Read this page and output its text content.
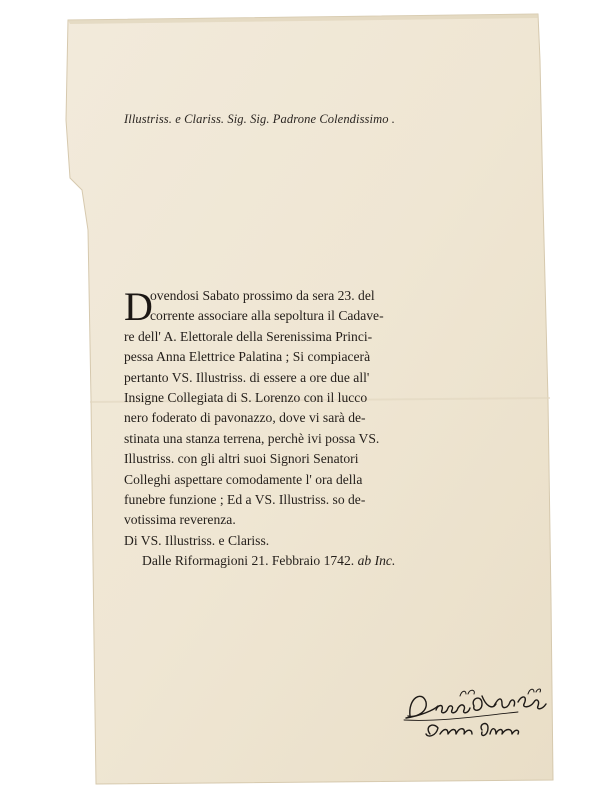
Illustriss. e Clariss. Sig. Sig. Padrone Colendissimo .
D
ovendosi Sabato prossimo da sera 23. del
corrente associare alla sepoltura il Cadave-
re dell' A. Elettorale della Serenissima Princi-
pessa Anna Elettrice Palatina ; Si compiacerà
pertanto VS. Illustriss. di essere a ore due all'
Insigne Collegiata di S. Lorenzo con il lucco
nero foderato di pavonazzo, dove vi sarà de-
stinata una stanza terrena, perchè ivi possa VS.
Illustriss. con gli altri suoi Signori Senatori
Colleghi aspettare comodamente l' ora della
funebre funzione ; Ed a VS. Illustriss. so de-
votissima reverenza.
Di VS. Illustriss. e Clariss.
Dalle Riformagioni 21. Febbraio 1742. ab Inc.
